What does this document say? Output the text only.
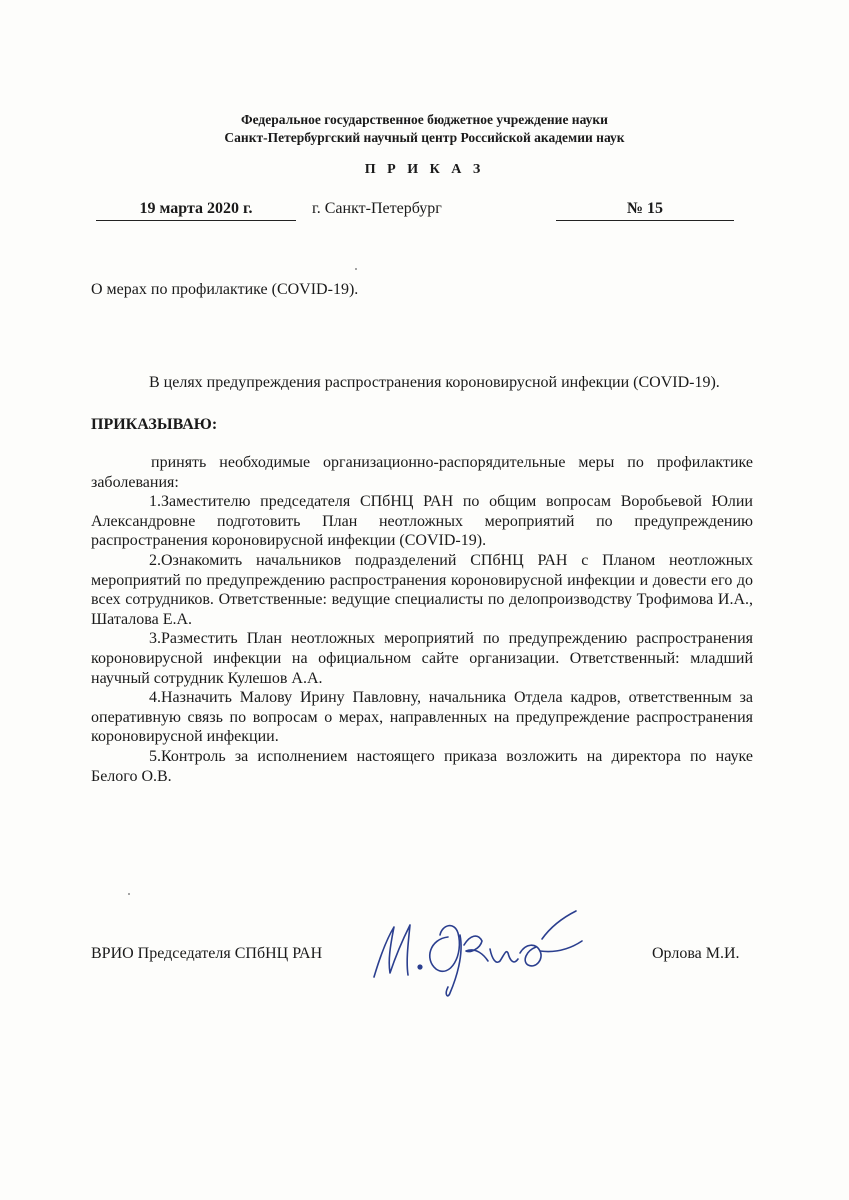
Федеральное государственное бюджетное учреждение науки
Санкт-Петербургский научный центр Российской академии наук
П Р И К А З
19 марта 2020 г.	г. Санкт-Петербург	№ 15
О мерах по профилактике (COVID-19).
В целях предупреждения распространения короновирусной инфекции (COVID-19).
ПРИКАЗЫВАЮ:

принять необходимые организационно-распорядительные меры по профилактике заболевания:

1.Заместителю председателя СПбНЦ РАН по общим вопросам Воробьевой Юлии Александровне подготовить План неотложных мероприятий по предупреждению распространения короновирусной инфекции (COVID-19).

2.Ознакомить начальников подразделений СПбНЦ РАН с Планом неотложных мероприятий по предупреждению распространения короновирусной инфекции и довести его до всех сотрудников. Ответственные: ведущие специалисты по делопроизводству Трофимова И.А., Шаталова Е.А.

3.Разместить План неотложных мероприятий по предупреждению распространения короновирусной инфекции на официальном сайте организации. Ответственный: младший научный сотрудник Кулешов А.А.

4.Назначить Малову Ирину Павловну, начальника Отдела кадров, ответственным за оперативную связь по вопросам о мерах, направленных на предупреждение распространения короновирусной инфекции.

5.Контроль за исполнением настоящего приказа возложить на директора по науке Белого О.В.

ВРИО Председателя СПбНЦ РАН	Орлова М.И.
